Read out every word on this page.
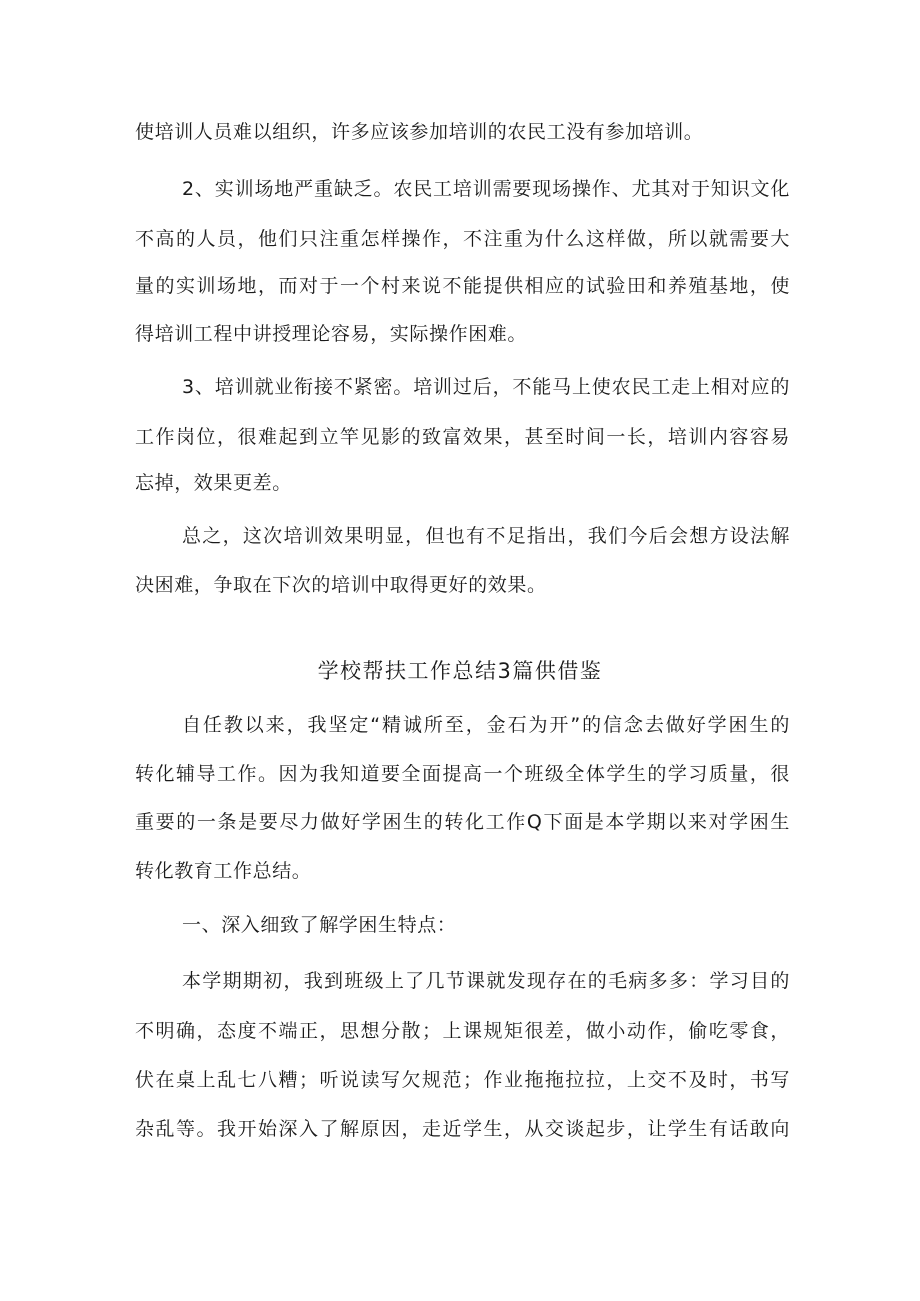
使培训人员难以组织，许多应该参加培训的农民工没有参加培训。
2、实训场地严重缺乏。农民工培训需要现场操作、尤其对于知识文化
不高的人员，他们只注重怎样操作，不注重为什么这样做，所以就需要大
量的实训场地，而对于一个村来说不能提供相应的试验田和养殖基地，使
得培训工程中讲授理论容易，实际操作困难。
3、培训就业衔接不紧密。培训过后，不能马上使农民工走上相对应的
工作岗位，很难起到立竿见影的致富效果，甚至时间一长，培训内容容易
忘掉，效果更差。
总之，这次培训效果明显，但也有不足指出，我们今后会想方设法解
决困难，争取在下次的培训中取得更好的效果。
学校帮扶工作总结3篇供借鉴
自任教以来，我坚定“精诚所至，金石为开”的信念去做好学困生的
转化辅导工作。因为我知道要全面提高一个班级全体学生的学习质量，很
重要的一条是要尽力做好学困生的转化工作Q下面是本学期以来对学困生
转化教育工作总结。
一、深入细致了解学困生特点：
本学期期初，我到班级上了几节课就发现存在的毛病多多：学习目的
不明确，态度不端正，思想分散；上课规矩很差，做小动作，偷吃零食，
伏在桌上乱七八糟；听说读写欠规范；作业拖拖拉拉，上交不及时，书写
杂乱等。我开始深入了解原因，走近学生，从交谈起步，让学生有话敢向
